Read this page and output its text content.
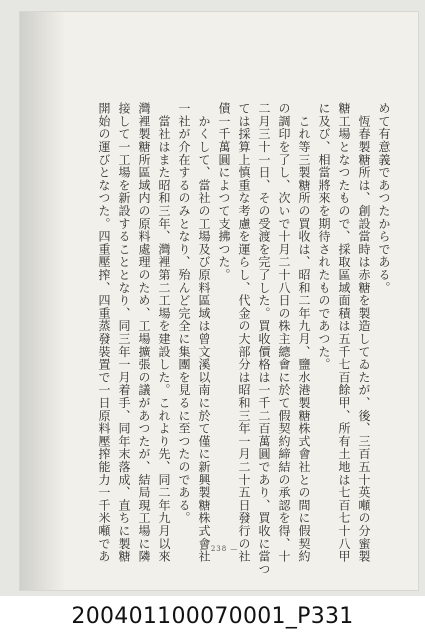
めて有意義であつたからである。
　恆春製糖所は、創設當時は赤糖を製造してゐたが、後、三百五十英噸の分蜜製
糖工場となつたもので、採取區域面積は五千七百餘甲、所有土地は七百七十八甲
に及び、相當將來を期待されたものであつた。
　これ等三製糖所の買收は、昭和二年九月、鹽水港製糖株式會社との間に假契約
の調印を了し、次いで十月二十八日の株主總會に於て假契約締結の承認を得、十
二月三十一日、その受渡を完了した。買收價格は一千二百萬圓であり、買收に當つ
ては採算上慎重な考慮を運らし、代金の大部分は昭和三年一月二十五日發行の社
債一千萬圓によつて支拂つた。
　かくして、當社の工場及び原料區域は曾文溪以南に於て僅に新興製糖株式會社
一社が介在するのみとなり、殆んど完全に集團を見るに至つたのである。
　當社はまた昭和三年、灣裡第二工場を建設した。これより先、同二年九月以來
灣裡製糖所區域内の原料處理のため、工場擴張の議があつたが、結局現工場に隣
接して一工場を新設することとなり、同三年一月着手、同年末落成、直ちに製糖
開始の運びとなつた。四重壓搾、四重蒸發裝置で一日原料壓搾能力一千米噸であ	— 238 —
200401100070001_P331
